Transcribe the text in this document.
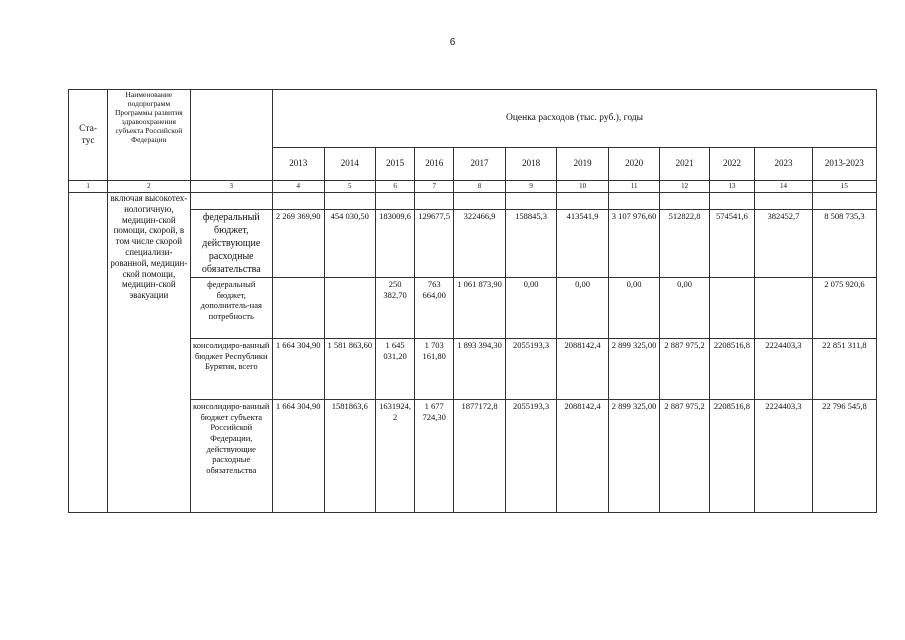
6
Ста-
тус	Наименование подпрограмм Программы развития здравоохранения субъекта Российской Федерации		Оценка расходов (тыс. руб.), годы											
			2013	2014	2015	2016	2017	2018	2019	2020	2021	2022	2023	2013-2023
1	2	3	4	5	6	7	8	9	10	11	12	13	14	15
	включая высокотех-нологичную, медицин-ской помощи, скорой, в том числе скорой специализи-рованной, медицин-ской помощи, медицин-ской эвакуации													
		федеральный бюджет, действующие расходные обязательства	2 269 369,90	454 030,50	183009,6	129677,5	322466,9	158845,3	413541,9	3 107 976,60	512822,8	574541,6	382452,7	8 508 735,3
		федеральный бюджет, дополнитель-ная потребность			250 382,70	763 664,00	1 061 873,90	0,00	0,00	0,00	0,00			2 075 920,6
		консолидиро-ванный бюджет Республики Бурятия, всего	1 664 304,90	1 581 863,60	1 645 031,20	1 703 161,80	1 893 394,30	2055193,3	2088142,4	2 899 325,00	2 887 975,2	2208516,8	2224403,3	22 851 311,8
		консолидиро-ванный бюджет субъекта Российской Федерации, действующие расходные обязательства	1 664 304,90	1581863,6	1631924,2	1 677 724,30	1877172,8	2055193,3	2088142,4	2 899 325,00	2 887 975,2	2208516,8	2224403,3	22 796 545,8
